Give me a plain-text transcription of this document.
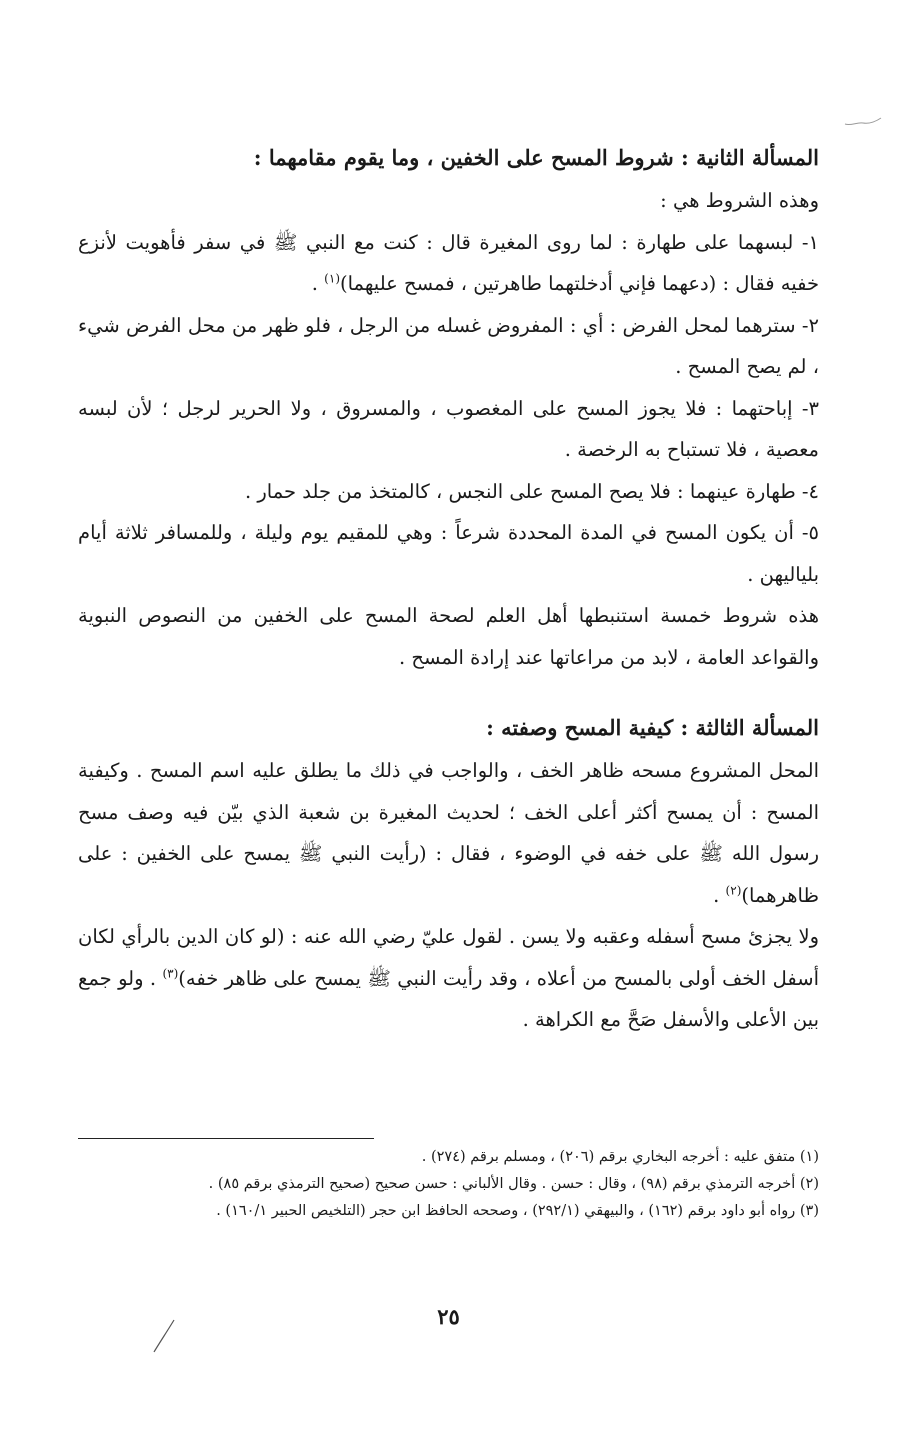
المسألة الثانية : شروط المسح على الخفين ، وما يقوم مقامهما :

وهذه الشروط هي :

١- لبسهما على طهارة : لما روى المغيرة قال : كنت مع النبي ﷺ في سفر فأهويت لأنزع خفيه فقال : (دعهما فإني أدخلتهما طاهرتين ، فمسح عليهما)$^{(١)}$ .

٢- سترهما لمحل الفرض : أي : المفروض غسله من الرجل ، فلو ظهر من محل الفرض شيء ، لم يصح المسح .

٣- إباحتهما : فلا يجوز المسح على المغصوب ، والمسروق ، ولا الحرير لرجل ؛ لأن لبسه معصية ، فلا تستباح به الرخصة .

٤- طهارة عينهما : فلا يصح المسح على النجس ، كالمتخذ من جلد حمار .

٥- أن يكون المسح في المدة المحددة شرعاً : وهي للمقيم يوم وليلة ، وللمسافر ثلاثة أيام بلياليهن .

هذه شروط خمسة استنبطها أهل العلم لصحة المسح على الخفين من النصوص النبوية والقواعد العامة ، لابد من مراعاتها عند إرادة المسح .

المسألة الثالثة : كيفية المسح وصفته :

المحل المشروع مسحه ظاهر الخف ، والواجب في ذلك ما يطلق عليه اسم المسح . وكيفية المسح : أن يمسح أكثر أعلى الخف ؛ لحديث المغيرة بن شعبة الذي بيّن فيه وصف مسح رسول الله ﷺ على خفه في الوضوء ، فقال : (رأيت النبي ﷺ يمسح على الخفين : على ظاهرهما)$^{(٢)}$ .

ولا يجزئ مسح أسفله وعقبه ولا يسن . لقول عليّ رضي الله عنه : (لو كان الدين بالرأي لكان أسفل الخف أولى بالمسح من أعلاه ، وقد رأيت النبي ﷺ يمسح على ظاهر خفه)$^{(٣)}$ . ولو جمع بين الأعلى والأسفل صَحَّ مع الكراهة .

(١) متفق عليه : أخرجه البخاري برقم (٢٠٦) ، ومسلم برقم (٢٧٤) .

(٢) أخرجه الترمذي برقم (٩٨) ، وقال : حسن . وقال الألباني : حسن صحيح (صحيح الترمذي برقم ٨٥) .

(٣) رواه أبو داود برقم (١٦٢) ، والبيهقي (٢٩٢/١) ، وصححه الحافظ ابن حجر (التلخيص الحبير ١٦٠/١) .

٢٥
